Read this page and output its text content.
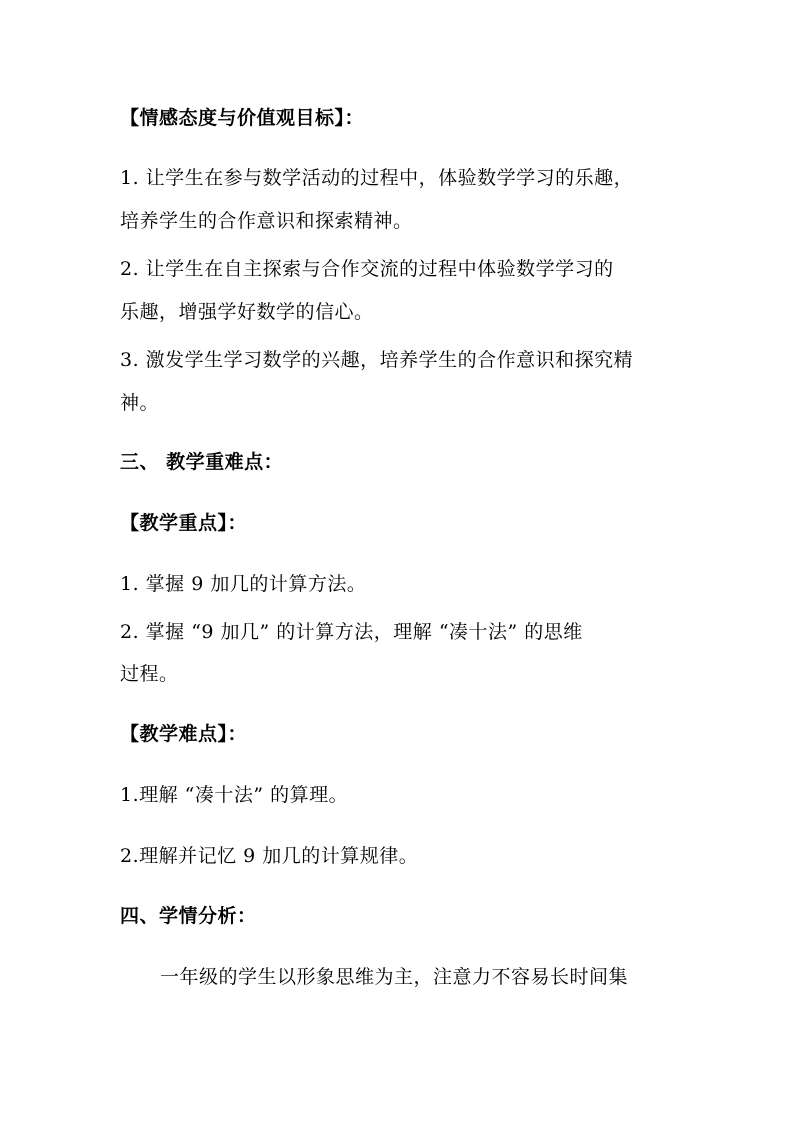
【情感态度与价值观目标】：
1. 让学生在参与数学活动的过程中，体验数学学习的乐趣，
培养学生的合作意识和探索精神。
2. 让学生在自主探索与合作交流的过程中体验数学学习的
乐趣，增强学好数学的信心。
3. 激发学生学习数学的兴趣，培养学生的合作意识和探究精
神。
三、 教学重难点：
【教学重点】：
1. 掌握 9 加几的计算方法。
2. 掌握 “9 加几” 的计算方法，理解 “凑十法” 的思维
过程。
【教学难点】：
1.理解 “凑十法” 的算理。
2.理解并记忆 9 加几的计算规律。
四、学情分析：
一年级的学生以形象思维为主，注意力不容易长时间集
